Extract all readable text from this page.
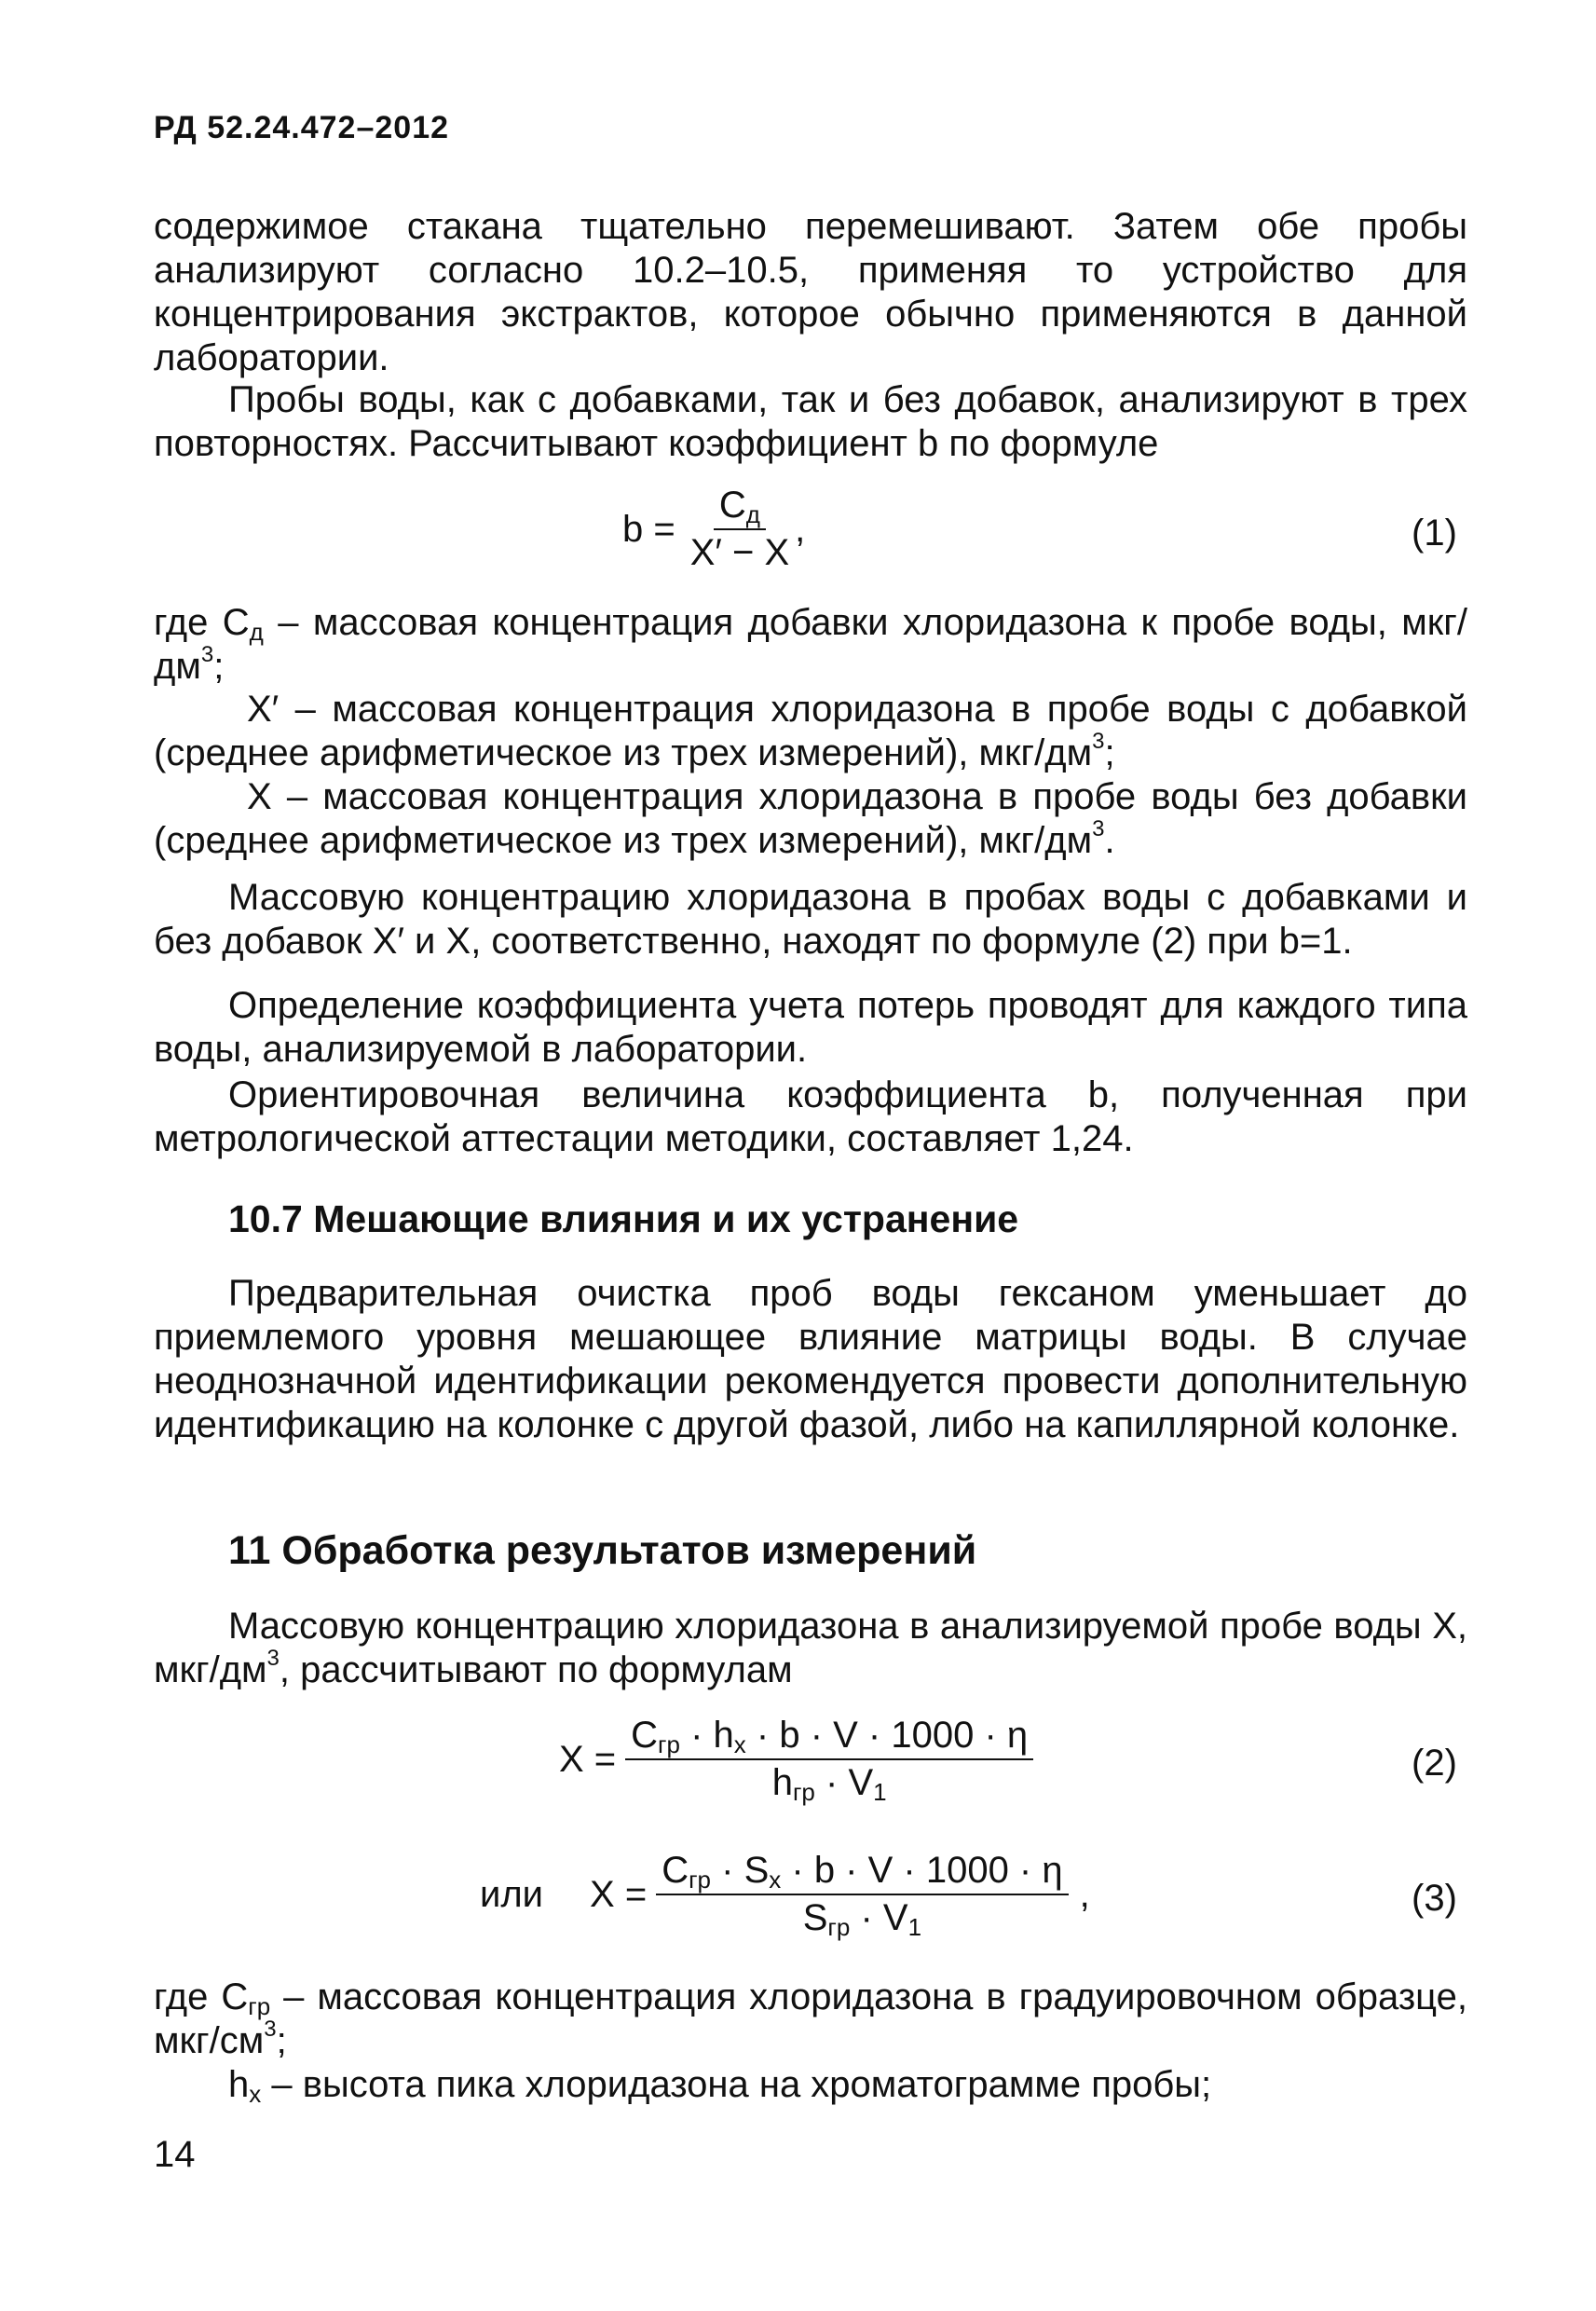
РД 52.24.472–2012

содержимое стакана тщательно перемешивают. Затем обе пробы анализируют согласно 10.2–10.5, применяя то устройство для концентрирования экстрактов, которое обычно применяются в данной лаборатории.

Пробы воды, как с добавками, так и без добавок, анализируют в трех повторностях. Рассчитывают коэффициент b по формуле

$b = \frac{C_д}{X' - X}$ ,	(1)

где $C_д$ – массовая концентрация добавки хлоридазона к пробе воды, мкг/$дм^3$;

X′ – массовая концентрация хлоридазона в пробе воды с добавкой (среднее арифметическое из трех измерений), мкг/$дм^3$;

X – массовая концентрация хлоридазона в пробе воды без добавки (среднее арифметическое из трех измерений), мкг/$дм^3$.

Массовую концентрацию хлоридазона в пробах воды с добавками и без добавок X′ и X, соответственно, находят по формуле (2) при b=1.

Определение коэффициента учета потерь проводят для каждого типа воды, анализируемой в лаборатории.

Ориентировочная величина коэффициента b, полученная при метрологической аттестации методики, составляет 1,24.

10.7 Мешающие влияния и их устранение

Предварительная очистка проб воды гексаном уменьшает до приемлемого уровня мешающее влияние матрицы воды. В случае неоднозначной идентификации рекомендуется провести дополнительную идентификацию на колонке с другой фазой, либо на капиллярной колонке.

11 Обработка результатов измерений

Массовую концентрацию хлоридазона в анализируемой пробе воды X, мкг/$дм^3$, рассчитывают по формулам

$X = \frac{C_{гр} \cdot h_x \cdot b \cdot V \cdot 1000 \cdot \eta}{h_{гр} \cdot V_1}$	(2)
или $X = \frac{C_{гр} \cdot S_x \cdot b \cdot V \cdot 1000 \cdot \eta}{S_{гр} \cdot V_1}$ ,	(3)

где $C_{гр}$ – массовая концентрация хлоридазона в градуировочном образце, мкг/$см^3$;

$h_x$ – высота пика хлоридазона на хроматограмме пробы;

14
